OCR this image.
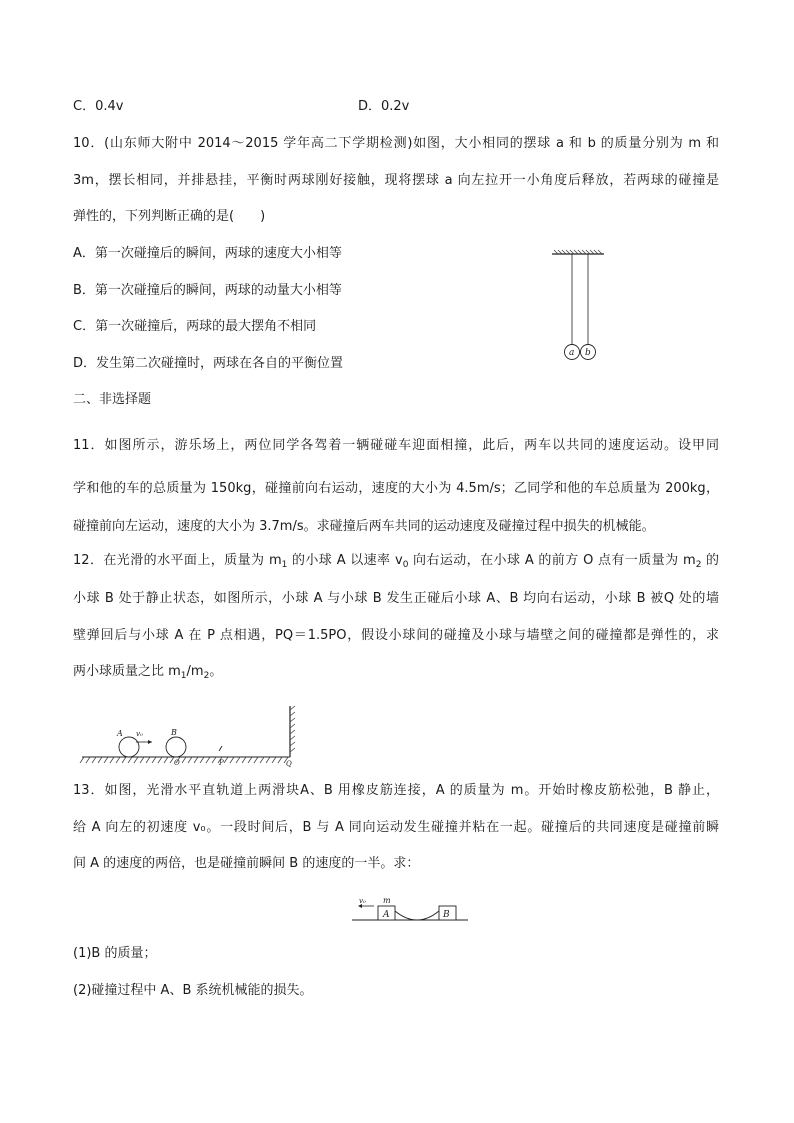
C．0.4v	D．0.2v
10．(山东师大附中 2014～2015 学年高二下学期检测)如图，大小相同的摆球 a 和 b 的质量分别为 m 和
3m，摆长相同，并排悬挂，平衡时两球刚好接触，现将摆球 a 向左拉开一小角度后释放，若两球的碰撞是
弹性的，下列判断正确的是(　　)
A．第一次碰撞后的瞬间，两球的速度大小相等
B．第一次碰撞后的瞬间，两球的动量大小相等
C．第一次碰撞后，两球的最大摆角不相同
D．发生第二次碰撞时，两球在各自的平衡位置
a b
二、非选择题
11．如图所示，游乐场上，两位同学各驾着一辆碰碰车迎面相撞，此后，两车以共同的速度运动。设甲同
学和他的车的总质量为 150kg，碰撞前向右运动，速度的大小为 4.5m/s；乙同学和他的车总质量为 200kg，
碰撞前向左运动，速度的大小为 3.7m/s。求碰撞后两车共同的运动速度及碰撞过程中损失的机械能。
12．在光滑的水平面上，质量为 $m_1$ 的小球 A 以速率 $v_0$ 向右运动，在小球 A 的前方 O 点有一质量为 $m_2$ 的
小球 B 处于静止状态，如图所示，小球 A 与小球 B 发生正碰后小球 A、B 均向右运动，小球 B 被Q 处的墙
壁弹回后与小球 A 在 P 点相遇，PQ＝1.5PO，假设小球间的碰撞及小球与墙壁之间的碰撞都是弹性的，求
两小球质量之比 $m_1/m_2$。
A v₀	B
O	P	Q
13．如图，光滑水平直轨道上两滑块A、B 用橡皮筋连接，A 的质量为 m。开始时橡皮筋松弛，B 静止，
给 A 向左的初速度 v₀。一段时间后，B 与 A 同向运动发生碰撞并粘在一起。碰撞后的共同速度是碰撞前瞬
间 A 的速度的两倍，也是碰撞前瞬间 B 的速度的一半。求：
v₀ m
A	B
(1)B 的质量；
(2)碰撞过程中 A、B 系统机械能的损失。
